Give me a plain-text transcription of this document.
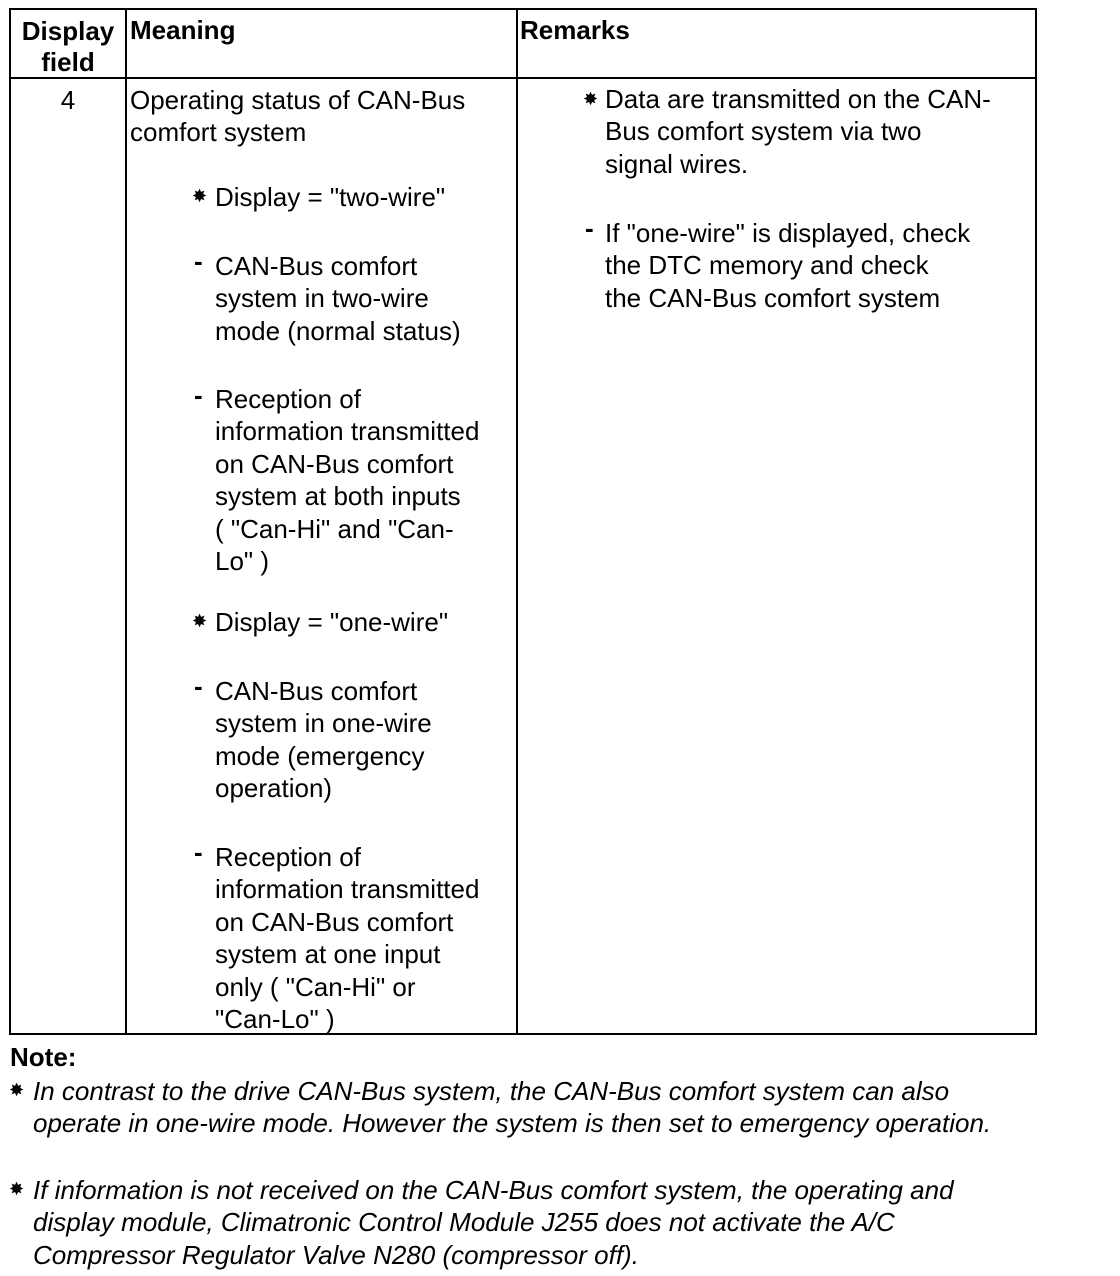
Display
field
Meaning	Remarks
4	Operating status of CAN-Bus
comfort system
✸ Display = "two-wire"
- CAN-Bus comfort
system in two-wire
mode (normal status)
- Reception of
information transmitted
on CAN-Bus comfort
system at both inputs
( "Can-Hi" and "Can-
Lo" )
✸ Display = "one-wire"
- CAN-Bus comfort
system in one-wire
mode (emergency
operation)
- Reception of
information transmitted
on CAN-Bus comfort
system at one input
only ( "Can-Hi" or
"Can-Lo" )
✸ Data are transmitted on the CAN-
Bus comfort system via two
signal wires.
- If "one-wire" is displayed, check
the DTC memory and check
the CAN-Bus comfort system
Note:
✸ In contrast to the drive CAN-Bus system, the CAN-Bus comfort system can also
operate in one-wire mode. However the system is then set to emergency operation.
✸ If information is not received on the CAN-Bus comfort system, the operating and
display module, Climatronic Control Module J255 does not activate the A/C
Compressor Regulator Valve N280 (compressor off).
